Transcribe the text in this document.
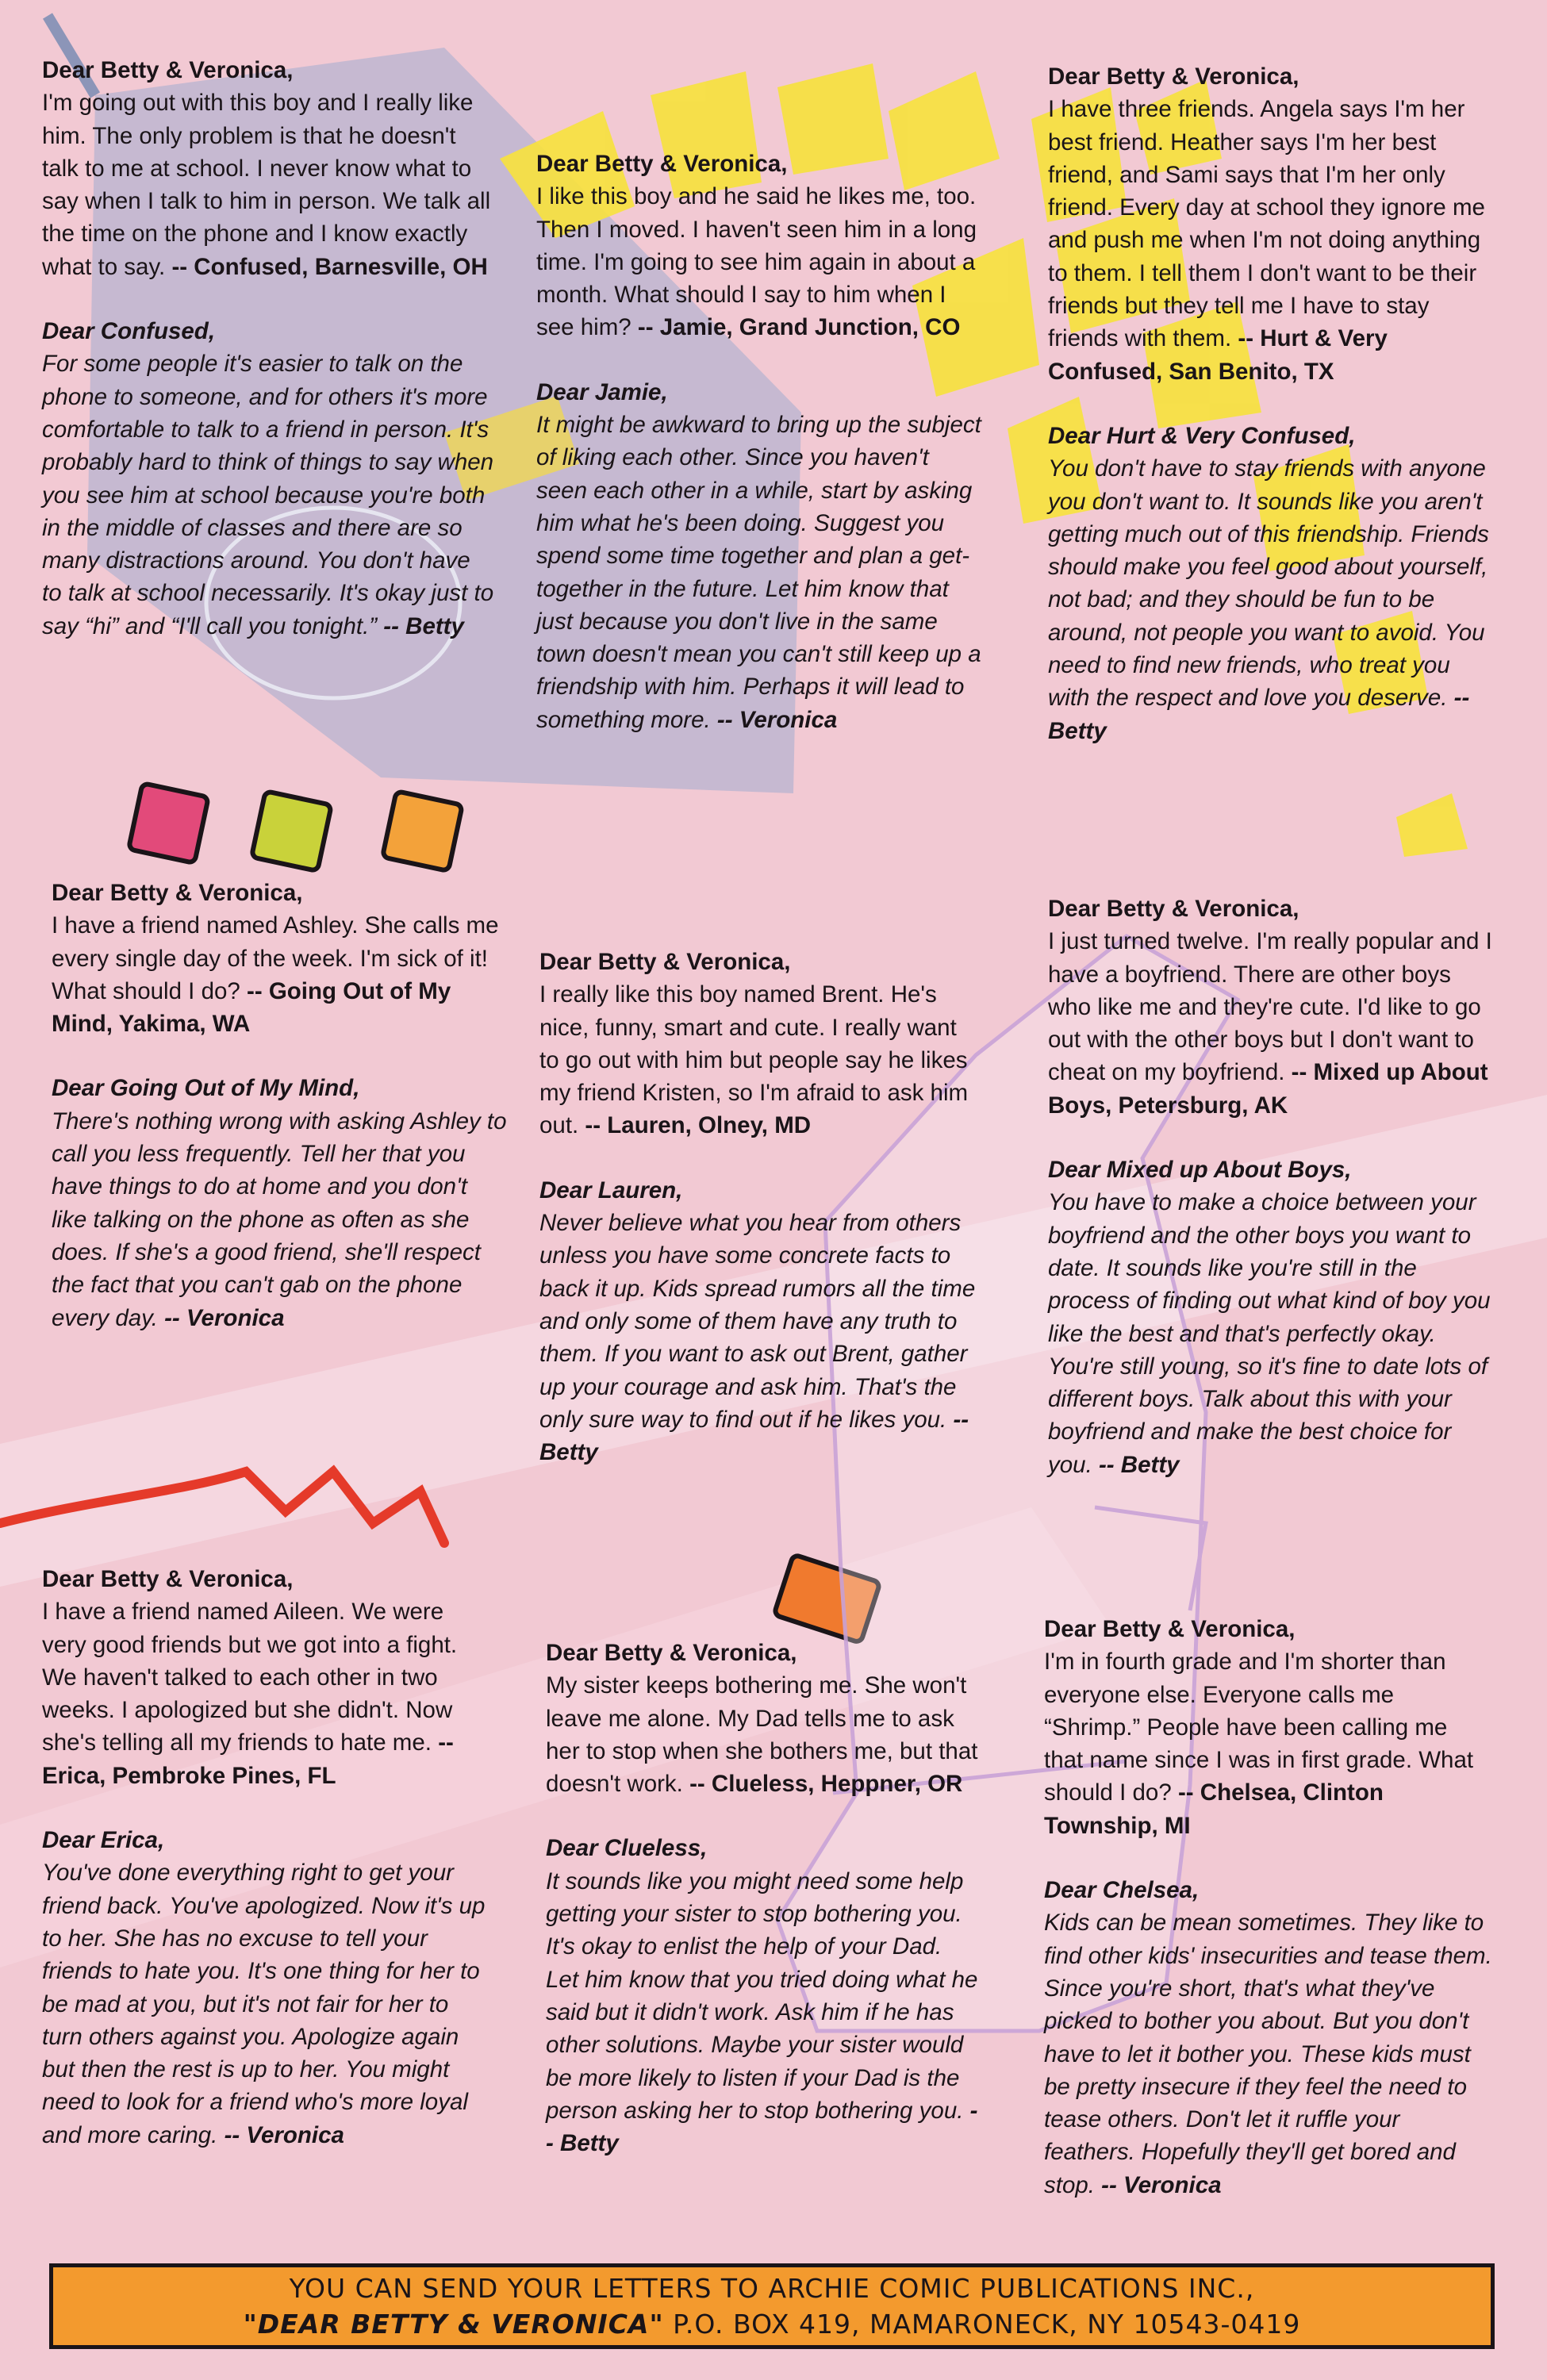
Dear Betty & Veronica,

I'm going out with this boy and I really like him. The only problem is that he doesn't talk to me at school. I never know what to say when I talk to him in person. We talk all the time on the phone and I know exactly what to say. -- Confused, Barnesville, OH

Dear Confused,

For some people it's easier to talk on the phone to someone, and for others it's more comfortable to talk to a friend in person. It's probably hard to think of things to say when you see him at school because you're both in the middle of classes and there are so many distractions around. You don't have to talk at school necessarily. It's okay just to say “hi” and “I'll call you tonight.” -- Betty

Dear Betty & Veronica,

I have a friend named Ashley. She calls me every single day of the week. I'm sick of it! What should I do? -- Going Out of My Mind, Yakima, WA

Dear Going Out of My Mind,

There's nothing wrong with asking Ashley to call you less frequently. Tell her that you have things to do at home and you don't like talking on the phone as often as she does. If she's a good friend, she'll respect the fact that you can't gab on the phone every day. -- Veronica

Dear Betty & Veronica,

I have a friend named Aileen. We were very good friends but we got into a fight. We haven't talked to each other in two weeks. I apologized but she didn't. Now she's telling all my friends to hate me. -- Erica, Pembroke Pines, FL

Dear Erica,

You've done everything right to get your friend back. You've apologized. Now it's up to her. She has no excuse to tell your friends to hate you. It's one thing for her to be mad at you, but it's not fair for her to turn others against you. Apologize again but then the rest is up to her. You might need to look for a friend who's more loyal and more caring. -- Veronica

Dear Betty & Veronica,

I like this boy and he said he likes me, too. Then I moved. I haven't seen him in a long time. I'm going to see him again in about a month. What should I say to him when I see him? -- Jamie, Grand Junction, CO

Dear Jamie,

It might be awkward to bring up the subject of liking each other. Since you haven't seen each other in a while, start by asking him what he's been doing. Suggest you spend some time together and plan a get-together in the future. Let him know that just because you don't live in the same town doesn't mean you can't still keep up a friendship with him. Perhaps it will lead to something more. -- Veronica

Dear Betty & Veronica,

I really like this boy named Brent. He's nice, funny, smart and cute. I really want to go out with him but people say he likes my friend Kristen, so I'm afraid to ask him out. -- Lauren, Olney, MD

Dear Lauren,

Never believe what you hear from others unless you have some concrete facts to back it up. Kids spread rumors all the time and only some of them have any truth to them. If you want to ask out Brent, gather up your courage and ask him. That's the only sure way to find out if he likes you. -- Betty

Dear Betty & Veronica,

My sister keeps bothering me. She won't leave me alone. My Dad tells me to ask her to stop when she bothers me, but that doesn't work. -- Clueless, Heppner, OR

Dear Clueless,

It sounds like you might need some help getting your sister to stop bothering you. It's okay to enlist the help of your Dad. Let him know that you tried doing what he said but it didn't work. Ask him if he has other solutions. Maybe your sister would be more likely to listen if your Dad is the person asking her to stop bothering you. -- Betty

Dear Betty & Veronica,

I have three friends. Angela says I'm her best friend. Heather says I'm her best friend, and Sami says that I'm her only friend. Every day at school they ignore me and push me when I'm not doing anything to them. I tell them I don't want to be their friends but they tell me I have to stay friends with them. -- Hurt & Very Confused, San Benito, TX

Dear Hurt & Very Confused,

You don't have to stay friends with anyone you don't want to. It sounds like you aren't getting much out of this friendship. Friends should make you feel good about yourself, not bad; and they should be fun to be around, not people you want to avoid. You need to find new friends, who treat you with the respect and love you deserve. -- Betty

Dear Betty & Veronica,

I just turned twelve. I'm really popular and I have a boyfriend. There are other boys who like me and they're cute. I'd like to go out with the other boys but I don't want to cheat on my boyfriend. -- Mixed up About Boys, Petersburg, AK

Dear Mixed up About Boys,

You have to make a choice between your boyfriend and the other boys you want to date. It sounds like you're still in the process of finding out what kind of boy you like the best and that's perfectly okay. You're still young, so it's fine to date lots of different boys. Talk about this with your boyfriend and make the best choice for you. -- Betty

Dear Betty & Veronica,

I'm in fourth grade and I'm shorter than everyone else. Everyone calls me “Shrimp.” People have been calling me that name since I was in first grade. What should I do? -- Chelsea, Clinton Township, MI

Dear Chelsea,

Kids can be mean sometimes. They like to find other kids' insecurities and tease them. Since you're short, that's what they've picked to bother you about. But you don't have to let it bother you. These kids must be pretty insecure if they feel the need to tease others. Don't let it ruffle your feathers. Hopefully they'll get bored and stop. -- Veronica

YOU CAN SEND YOUR LETTERS TO ARCHIE COMIC PUBLICATIONS INC.,
"DEAR BETTY & VERONICA" P.O. BOX 419, MAMARONECK, NY 10543-0419
